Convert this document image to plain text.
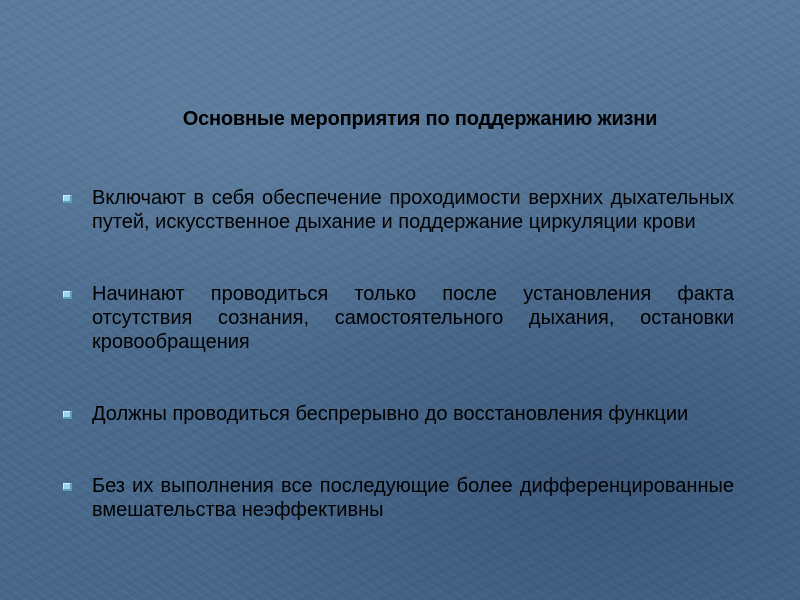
Основные мероприятия по поддержанию жизни
Включают в себя обеспечение проходимости верхних дыхательных путей, искусственное дыхание и поддержание циркуляции крови
Начинают проводиться только после установления факта отсутствия сознания, самостоятельного дыхания, остановки кровообращения
Должны проводиться беспрерывно до восстановления функции
Без их выполнения все последующие более дифференцированные вмешательства неэффективны
